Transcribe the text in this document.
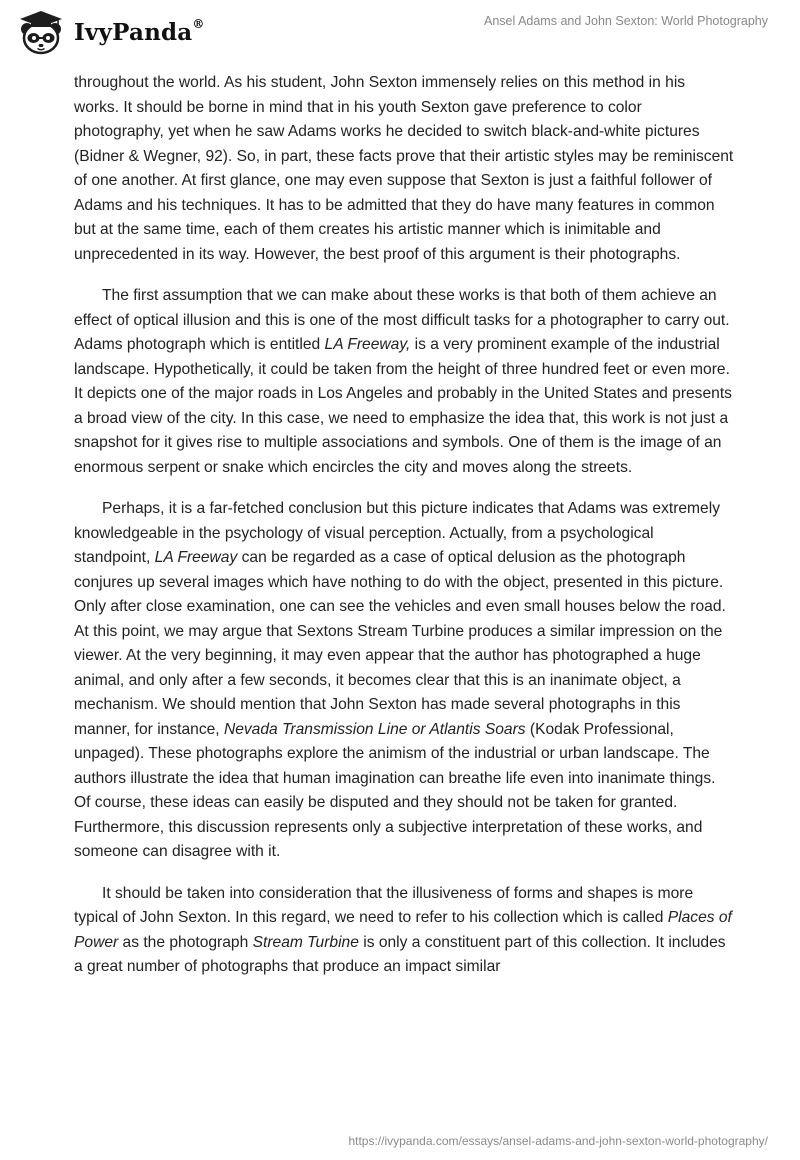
IvyPanda®	Ansel Adams and John Sexton: World Photography

throughout the world. As his student, John Sexton immensely relies on this method in his works. It should be borne in mind that in his youth Sexton gave preference to color photography, yet when he saw Adams works he decided to switch black-and-white pictures (Bidner & Wegner, 92). So, in part, these facts prove that their artistic styles may be reminiscent of one another. At first glance, one may even suppose that Sexton is just a faithful follower of Adams and his techniques. It has to be admitted that they do have many features in common but at the same time, each of them creates his artistic manner which is inimitable and unprecedented in its way. However, the best proof of this argument is their photographs.

The first assumption that we can make about these works is that both of them achieve an effect of optical illusion and this is one of the most difficult tasks for a photographer to carry out. Adams photograph which is entitled LA Freeway, is a very prominent example of the industrial landscape. Hypothetically, it could be taken from the height of three hundred feet or even more. It depicts one of the major roads in Los Angeles and probably in the United States and presents a broad view of the city. In this case, we need to emphasize the idea that, this work is not just a snapshot for it gives rise to multiple associations and symbols. One of them is the image of an enormous serpent or snake which encircles the city and moves along the streets.

Perhaps, it is a far-fetched conclusion but this picture indicates that Adams was extremely knowledgeable in the psychology of visual perception. Actually, from a psychological standpoint, LA Freeway can be regarded as a case of optical delusion as the photograph conjures up several images which have nothing to do with the object, presented in this picture. Only after close examination, one can see the vehicles and even small houses below the road. At this point, we may argue that Sextons Stream Turbine produces a similar impression on the viewer. At the very beginning, it may even appear that the author has photographed a huge animal, and only after a few seconds, it becomes clear that this is an inanimate object, a mechanism. We should mention that John Sexton has made several photographs in this manner, for instance, Nevada Transmission Line or Atlantis Soars (Kodak Professional, unpaged). These photographs explore the animism of the industrial or urban landscape. The authors illustrate the idea that human imagination can breathe life even into inanimate things. Of course, these ideas can easily be disputed and they should not be taken for granted. Furthermore, this discussion represents only a subjective interpretation of these works, and someone can disagree with it.

It should be taken into consideration that the illusiveness of forms and shapes is more typical of John Sexton. In this regard, we need to refer to his collection which is called Places of Power as the photograph Stream Turbine is only a constituent part of this collection. It includes a great number of photographs that produce an impact similar

https://ivypanda.com/essays/ansel-adams-and-john-sexton-world-photography/
